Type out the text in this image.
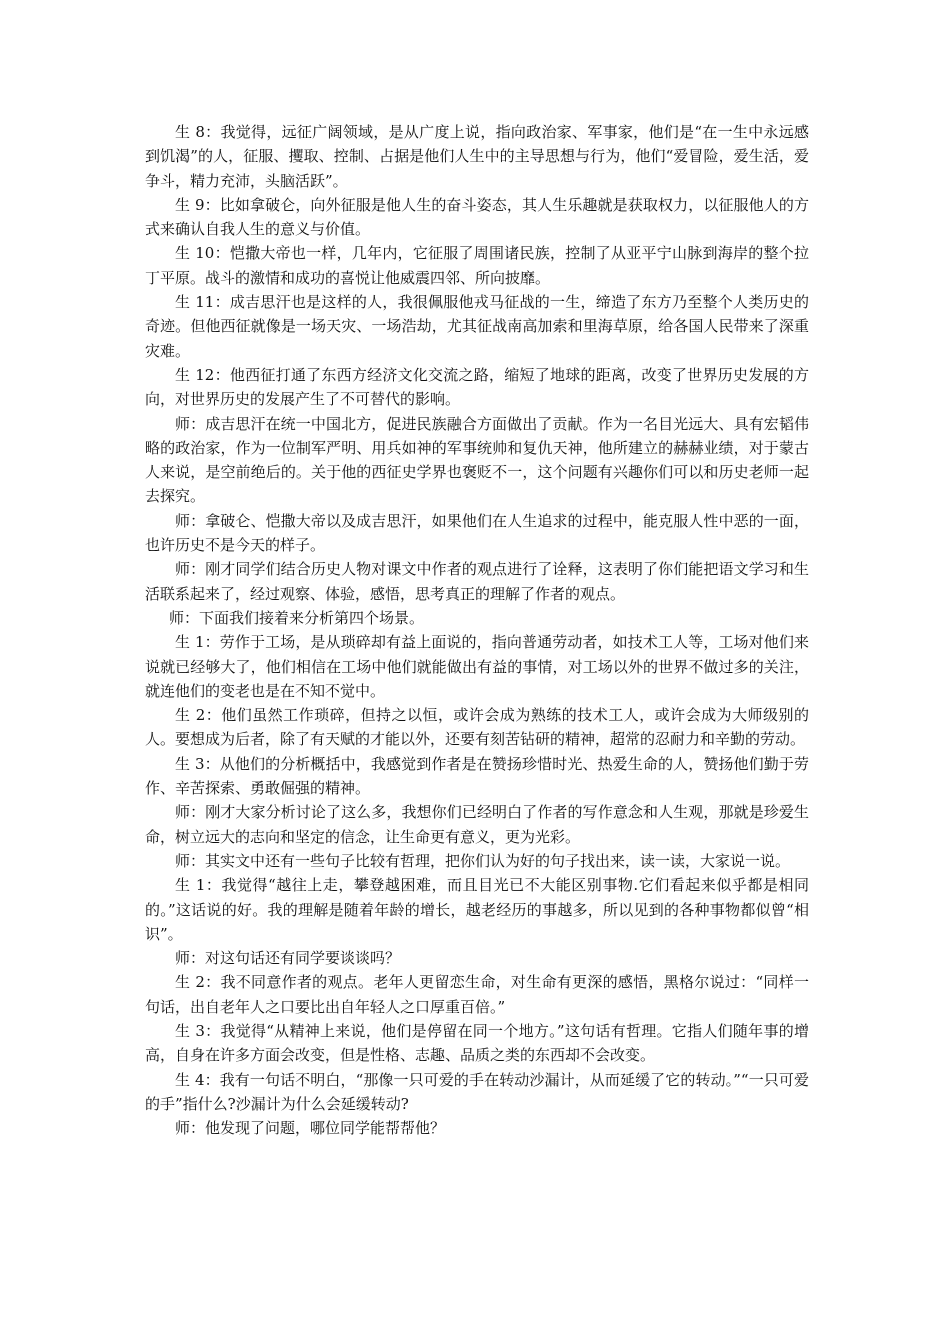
生 8：我觉得，远征广阔领域，是从广度上说，指向政治家、军事家，他们是“在一生中永远感到饥渴”的人，征服、攫取、控制、占据是他们人生中的主导思想与行为，他们“爱冒险，爱生活，爱争斗，精力充沛，头脑活跃”。

生 9：比如拿破仑，向外征服是他人生的奋斗姿态，其人生乐趣就是获取权力，以征服他人的方式来确认自我人生的意义与价值。

生 10：恺撒大帝也一样，几年内，它征服了周围诸民族，控制了从亚平宁山脉到海岸的整个拉丁平原。战斗的激情和成功的喜悦让他威震四邻、所向披靡。

生 11：成吉思汗也是这样的人，我很佩服他戎马征战的一生，缔造了东方乃至整个人类历史的奇迹。但他西征就像是一场天灾、一场浩劫，尤其征战南高加索和里海草原，给各国人民带来了深重灾难。

生 12：他西征打通了东西方经济文化交流之路，缩短了地球的距离，改变了世界历史发展的方向，对世界历史的发展产生了不可替代的影响。

师：成吉思汗在统一中国北方，促进民族融合方面做出了贡献。作为一名目光远大、具有宏韬伟略的政治家，作为一位制军严明、用兵如神的军事统帅和复仇天神，他所建立的赫赫业绩，对于蒙古人来说，是空前绝后的。关于他的西征史学界也褒贬不一，这个问题有兴趣你们可以和历史老师一起去探究。

师：拿破仑、恺撒大帝以及成吉思汗，如果他们在人生追求的过程中，能克服人性中恶的一面，也许历史不是今天的样子。

师：刚才同学们结合历史人物对课文中作者的观点进行了诠释，这表明了你们能把语文学习和生活联系起来了，经过观察、体验，感悟，思考真正的理解了作者的观点。

师：下面我们接着来分析第四个场景。

生 1：劳作于工场，是从琐碎却有益上面说的，指向普通劳动者，如技术工人等，工场对他们来说就已经够大了，他们相信在工场中他们就能做出有益的事情，对工场以外的世界不做过多的关注，就连他们的变老也是在不知不觉中。

生 2：他们虽然工作琐碎，但持之以恒，或许会成为熟练的技术工人，或许会成为大师级别的人。要想成为后者，除了有天赋的才能以外，还要有刻苦钻研的精神，超常的忍耐力和辛勤的劳动。

生 3：从他们的分析概括中，我感觉到作者是在赞扬珍惜时光、热爱生命的人，赞扬他们勤于劳作、辛苦探索、勇敢倔强的精神。

师：刚才大家分析讨论了这么多，我想你们已经明白了作者的写作意念和人生观，那就是珍爱生命，树立远大的志向和坚定的信念，让生命更有意义，更为光彩。

师：其实文中还有一些句子比较有哲理，把你们认为好的句子找出来，读一读，大家说一说。

生 1：我觉得“越往上走，攀登越困难，而且目光已不大能区别事物.它们看起来似乎都是相同的。”这话说的好。我的理解是随着年龄的增长，越老经历的事越多，所以见到的各种事物都似曾“相识”。

师：对这句话还有同学要谈谈吗？

生 2：我不同意作者的观点。老年人更留恋生命，对生命有更深的感悟，黑格尔说过：“同样一句话，出自老年人之口要比出自年轻人之口厚重百倍。”

生 3：我觉得“从精神上来说，他们是停留在同一个地方。”这句话有哲理。它指人们随年事的增高，自身在许多方面会改变，但是性格、志趣、品质之类的东西却不会改变。

生 4：我有一句话不明白，“那像一只可爱的手在转动沙漏计，从而延缓了它的转动。”“一只可爱的手”指什么?沙漏计为什么会延缓转动?

师：他发现了问题，哪位同学能帮帮他？
